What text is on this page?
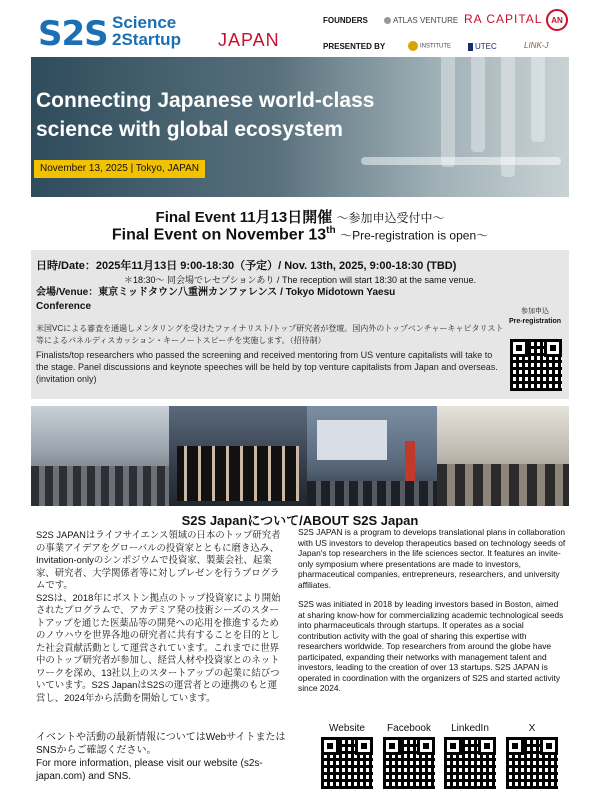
S2S Science
2Startup JAPAN
FOUNDERS	ATLAS VENTURE RA CAPITAL	AN
PRESENTED BY	INSTITUTE	UTEC	LINK-J
Connecting Japanese world-class science with global ecosystem
November 13, 2025 | Tokyo, JAPAN
Final Event 11月13日開催 〜参加申込受付中〜
Final Event on November 13th 〜Pre-registration is open〜
日時/Date：2025年11月13日 9:00-18:30（予定）/ Nov. 13th, 2025, 9:00-18:30 (TBD)
＊18:30〜 同会場でレセプションあり / The reception will start 18:30 at the same venue.
会場/Venue：東京ミッドタウン八重洲カンファレンス / Tokyo Midotown Yaesu
Conference
米国VCによる審査を通過しメンタリングを受けたファイナリスト/トップ研究者が登壇。国内外のトップベンチャーキャピタリスト等によるパネルディスカッション・キーノートスピーチを実施します。（招待制）
Finalists/top researchers who passed the screening and received mentoring from US venture capitalists will take to the stage. Panel discussions and keynote speeches will be held by top venture capitalists from Japan and overseas. (invitation only)
参加申込
Pre-registration
S2S Japanについて/ABOUT S2S Japan

S2S JAPANはライフサイエンス領域の日本のトップ研究者の事業アイデアをグローバルの投資家とともに磨き込み、Invitation-onlyのシンポジウムで投資家、製薬会社、起業家、研究者、大学関係者等に対しプレゼンを行うプログラムです。

S2Sは、2018年にボストン拠点のトップ投資家により開始されたプログラムで、アカデミア発の技術シーズのスタートアップを通じた医薬品等の開発への応用を推進するためのノウハウを世界各地の研究者に共有することを目的とした社会貢献活動として運営されています。これまでに世界中のトップ研究者が参加し、経営人材や投資家とのネットワークを深め、13社以上のスタートアップの起業に結びついています。S2S JapanはS2Sの運営者との連携のもと運営し、2024年から活動を開始しています。

S2S JAPAN is a program to develops translational plans in collaboration with US investors to develop therapeutics based on technology seeds of Japan's top researchers in the life sciences sector. It features an invite-only symposium where presentations are made to investors, pharmaceutical companies, entrepreneurs, researchers, and university affiliates.

S2S was initiated in 2018 by leading investors based in Boston, aimed at sharing know-how for commercializing academic technological seeds into pharmaceuticals through startups. It operates as a social contribution activity with the goal of sharing this expertise with researchers worldwide. Top researchers from around the globe have participated, expanding their networks with management talent and investors, leading to the creation of over 13 startups. S2S JAPAN is operated in coordination with the organizers of S2S and started activity since 2024.

イベントや活動の最新情報についてはWebサイトまたはSNSからご確認ください。
For more information, please visit our website (s2s-japan.com) and SNS.
Website	Facebook	LinkedIn	X
